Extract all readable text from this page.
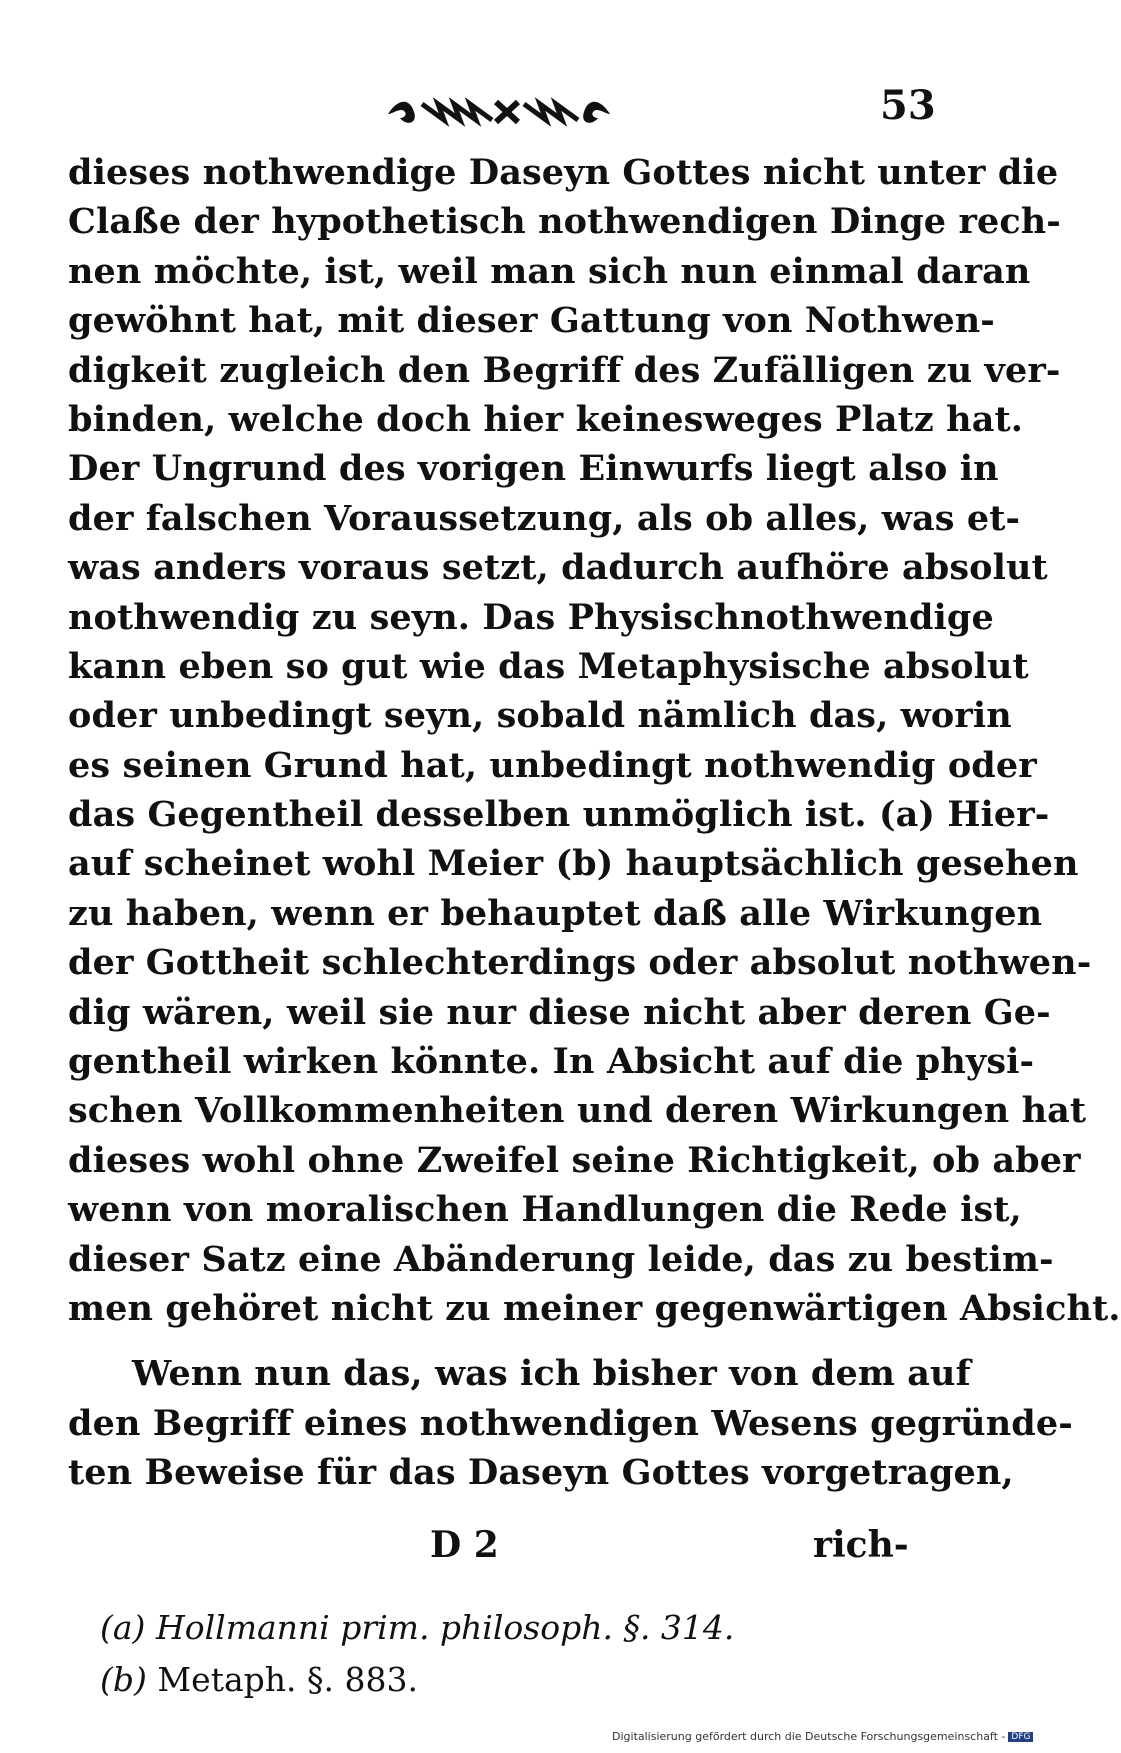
53
dieses nothwendige Daseyn Gottes nicht unter die
Claße der hypothetisch nothwendigen Dinge rech-
nen möchte, ist, weil man sich nun einmal daran
gewöhnt hat, mit dieser Gattung von Nothwen-
digkeit zugleich den Begriff des Zufälligen zu ver-
binden, welche doch hier keinesweges Platz hat.
Der Ungrund des vorigen Einwurfs liegt also in
der falschen Voraussetzung, als ob alles, was et-
was anders voraus setzt, dadurch aufhöre absolut
nothwendig zu seyn. Das Physischnothwendige
kann eben so gut wie das Metaphysische absolut
oder unbedingt seyn, sobald nämlich das, worin
es seinen Grund hat, unbedingt nothwendig oder
das Gegentheil desselben unmöglich ist. (a) Hier-
auf scheinet wohl Meier (b) hauptsächlich gesehen
zu haben, wenn er behauptet daß alle Wirkungen
der Gottheit schlechterdings oder absolut nothwen-
dig wären, weil sie nur diese nicht aber deren Ge-
gentheil wirken könnte. In Absicht auf die physi-
schen Vollkommenheiten und deren Wirkungen hat
dieses wohl ohne Zweifel seine Richtigkeit, ob aber
wenn von moralischen Handlungen die Rede ist,
dieser Satz eine Abänderung leide, das zu bestim-
men gehöret nicht zu meiner gegenwärtigen Absicht.
Wenn nun das, was ich bisher von dem auf
den Begriff eines nothwendigen Wesens gegründe-
ten Beweise für das Daseyn Gottes vorgetragen,
D 2	rich-
(a) Hollmanni prim. philosoph. §. 314.
(b) Metaph. §. 883.
Digitalisierung gefördert durch die Deutsche Forschungsgemeinschaft - DFG
